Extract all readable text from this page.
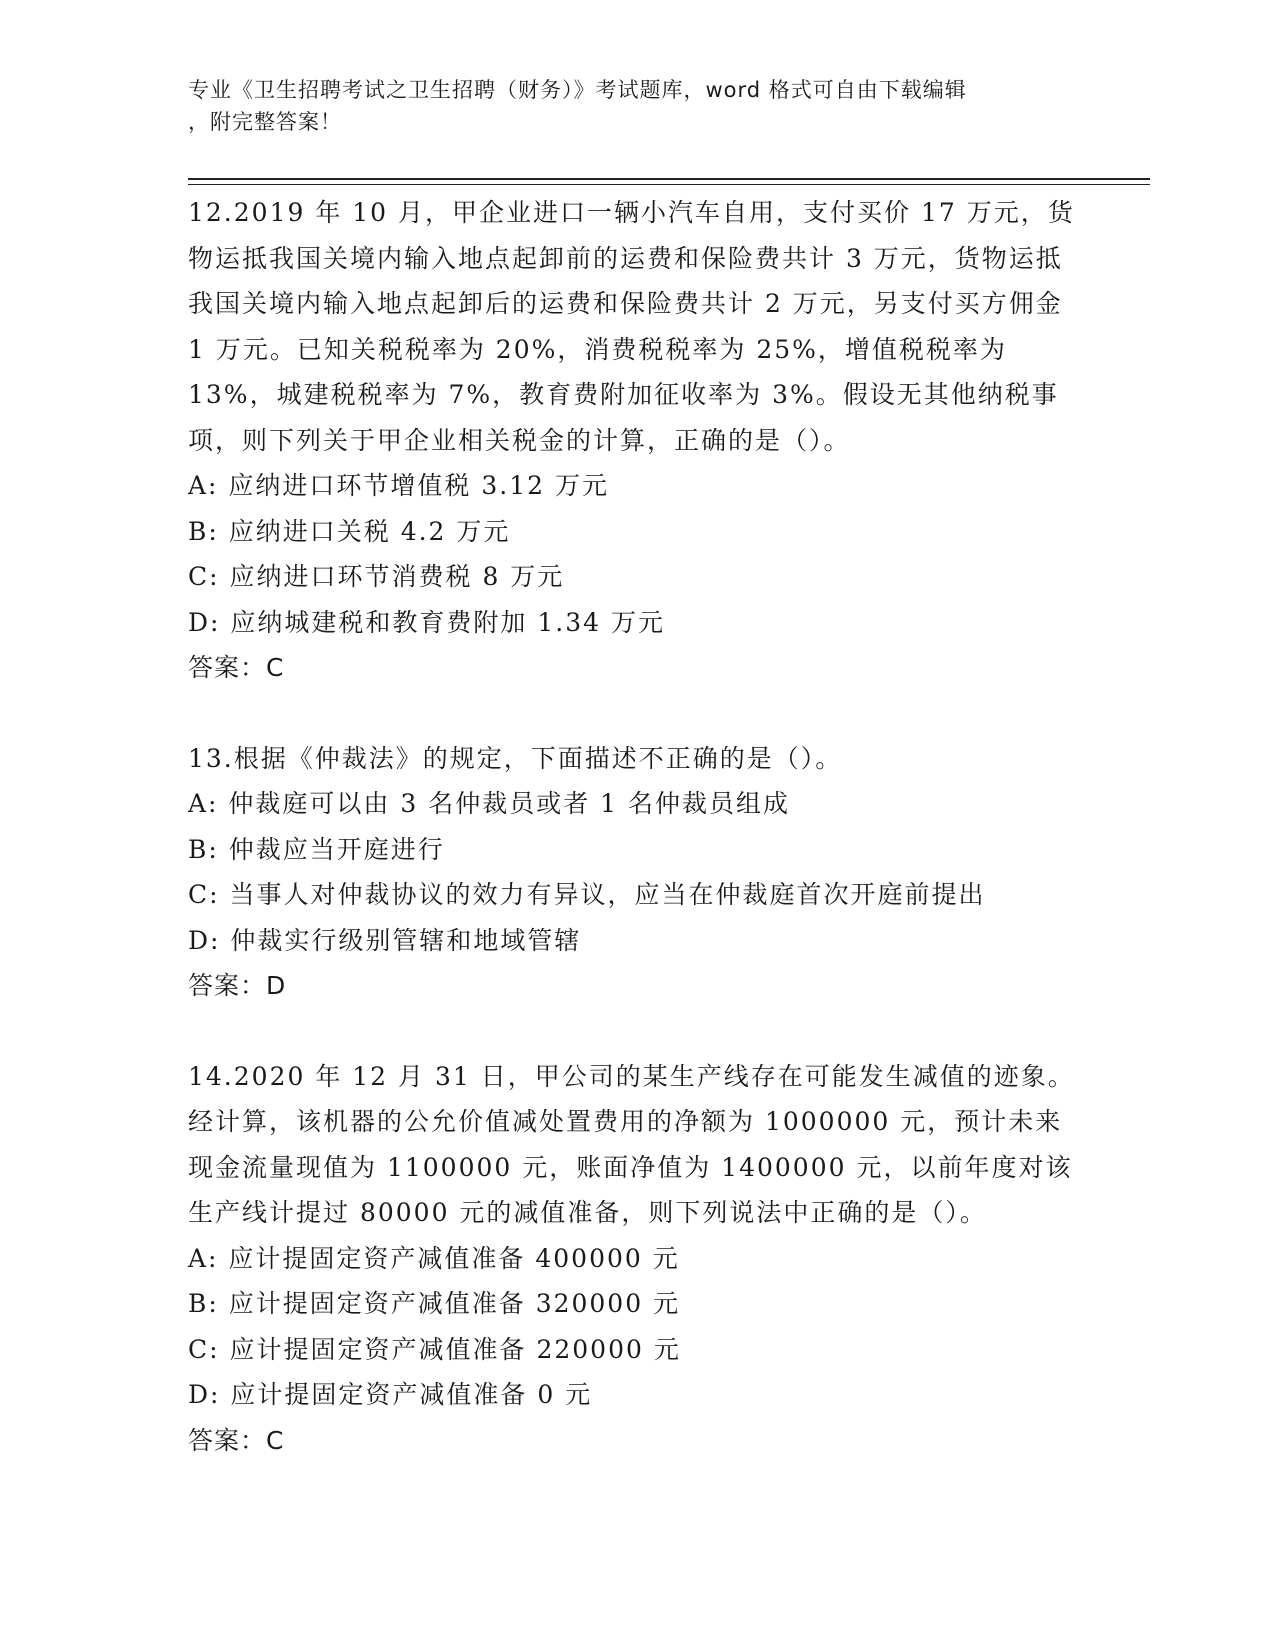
专业《卫生招聘考试之卫生招聘（财务）》考试题库，word 格式可自由下载编辑
，附完整答案！

12.2019 年 10 月，甲企业进口一辆小汽车自用，支付买价 17 万元，货物运抵我国关境内输入地点起卸前的运费和保险费共计 3 万元，货物运抵我国关境内输入地点起卸后的运费和保险费共计 2 万元，另支付买方佣金 1 万元。已知关税税率为 20%，消费税税率为 25%，增值税税率为 13%，城建税税率为 7%，教育费附加征收率为 3%。假设无其他纳税事项，则下列关于甲企业相关税金的计算，正确的是（）。

A: 应纳进口环节增值税 3.12 万元

B: 应纳进口关税 4.2 万元

C: 应纳进口环节消费税 8 万元

D: 应纳城建税和教育费附加 1.34 万元

答案：C

13.根据《仲裁法》的规定，下面描述不正确的是（）。

A: 仲裁庭可以由 3 名仲裁员或者 1 名仲裁员组成

B: 仲裁应当开庭进行

C: 当事人对仲裁协议的效力有异议，应当在仲裁庭首次开庭前提出

D: 仲裁实行级别管辖和地域管辖

答案：D

14.2020 年 12 月 31 日，甲公司的某生产线存在可能发生减值的迹象。经计算，该机器的公允价值减处置费用的净额为 1000000 元，预计未来现金流量现值为 1100000 元，账面净值为 1400000 元，以前年度对该生产线计提过 80000 元的减值准备，则下列说法中正确的是（）。

A: 应计提固定资产减值准备 400000 元

B: 应计提固定资产减值准备 320000 元

C: 应计提固定资产减值准备 220000 元

D: 应计提固定资产减值准备 0 元

答案：C
